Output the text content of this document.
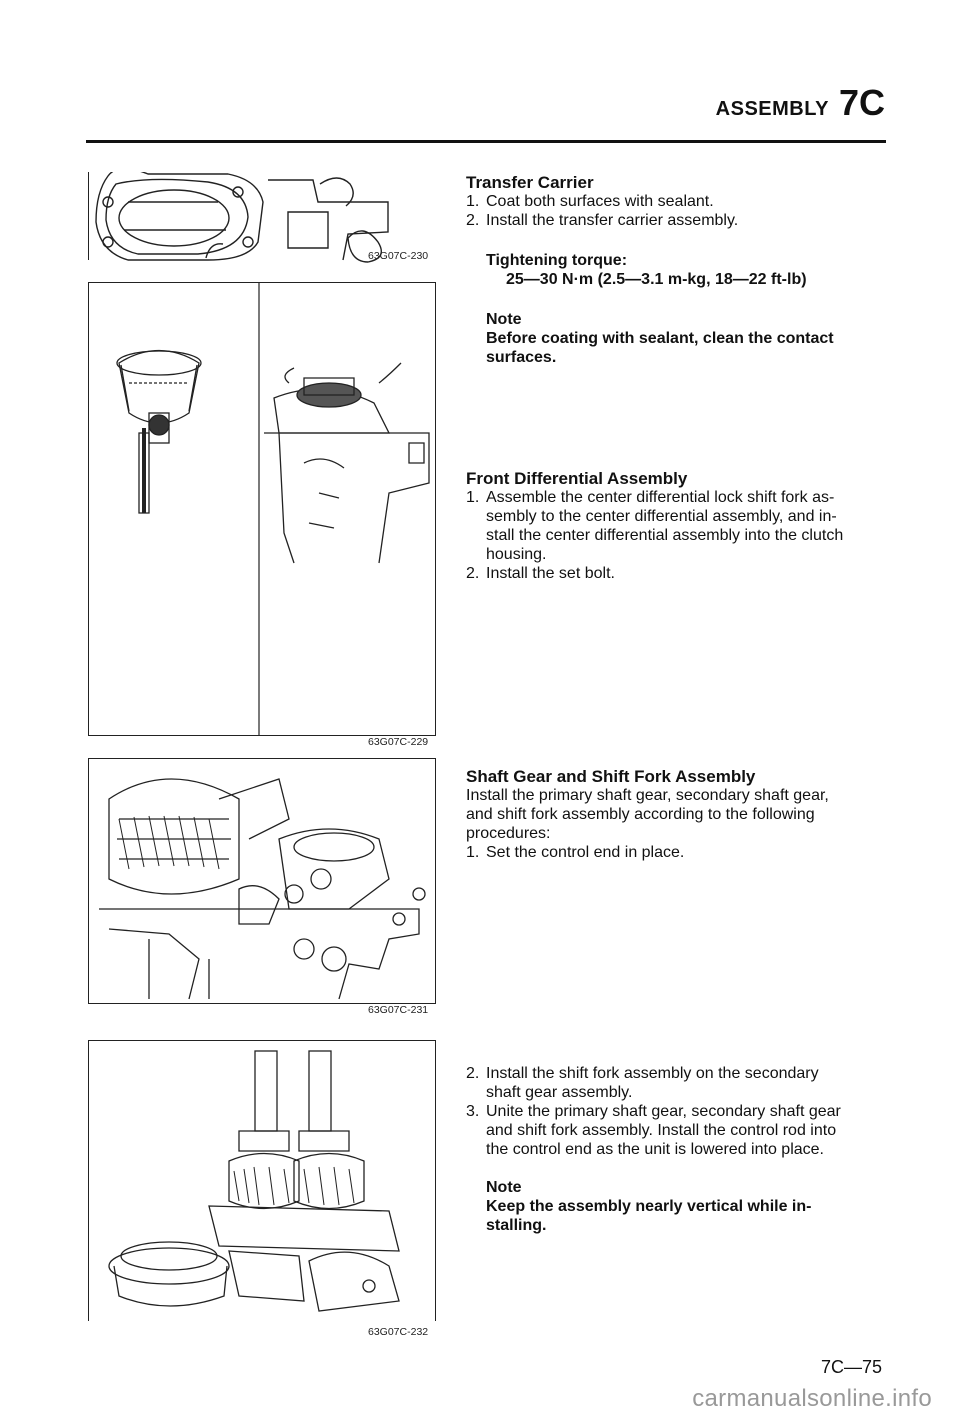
ASSEMBLY 7C
63G07C-230
63G07C-229
63G07C-231
63G07C-232
Transfer Carrier
1. Coat both surfaces with sealant.
2. Install the transfer carrier assembly.
Tightening torque:
25—30 N·m (2.5—3.1 m-kg, 18—22 ft-lb)
Note
Before coating with sealant, clean the contact
surfaces.
Front Differential Assembly
1. Assemble the center differential lock shift fork as-
sembly to the center differential assembly, and in-
stall the center differential assembly into the clutch
housing.
2. Install the set bolt.
Shaft Gear and Shift Fork Assembly
Install the primary shaft gear, secondary shaft gear,
and shift fork assembly according to the following
procedures:
1. Set the control end in place.
2. Install the shift fork assembly on the secondary
shaft gear assembly.
3. Unite the primary shaft gear, secondary shaft gear
and shift fork assembly. Install the control rod into
the control end as the unit is lowered into place.
Note
Keep the assembly nearly vertical while in-
stalling.
7C—75
carmanualsonline.info
